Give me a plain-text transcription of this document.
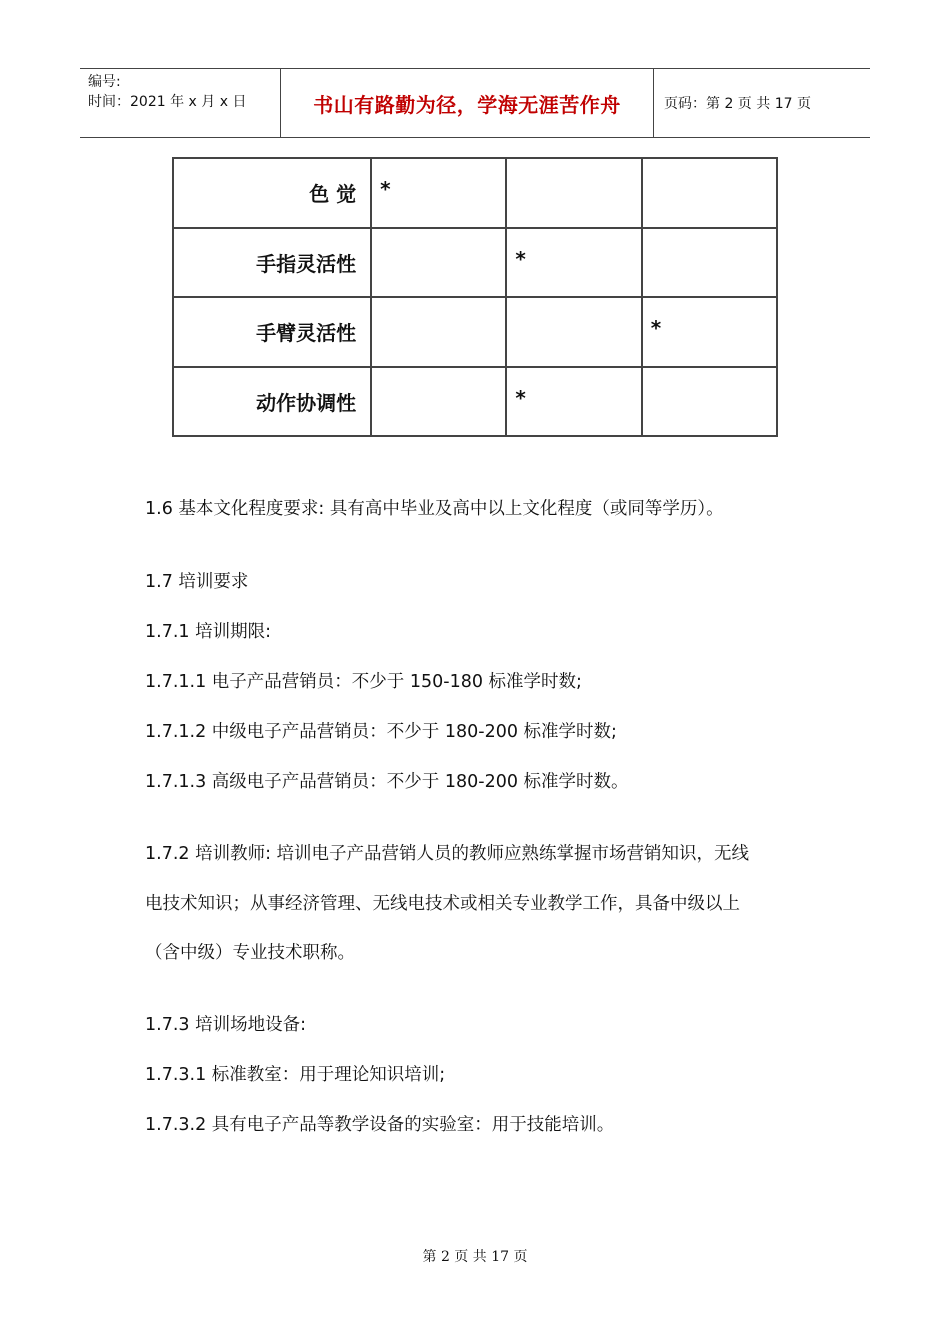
编号:
时间：2021 年 x 月 x 日	书山有路勤为径，学海无涯苦作舟	页码：第 2 页 共 17 页
色 觉	*		
手指灵活性		*	
手臂灵活性			*
动作协调性		*	
1.6 基本文化程度要求: 具有高中毕业及高中以上文化程度（或同等学历）。
1.7 培训要求
1.7.1 培训期限:
1.7.1.1 电子产品营销员：不少于 150-180 标准学时数;
1.7.1.2 中级电子产品营销员：不少于 180-200 标准学时数;
1.7.1.3 高级电子产品营销员：不少于 180-200 标准学时数。
1.7.2 培训教师: 培训电子产品营销人员的教师应熟练掌握市场营销知识，无线
电技术知识；从事经济管理、无线电技术或相关专业教学工作，具备中级以上
（含中级）专业技术职称。
1.7.3 培训场地设备:
1.7.3.1 标准教室：用于理论知识培训;
1.7.3.2 具有电子产品等教学设备的实验室：用于技能培训。
第 2 页 共 17 页
